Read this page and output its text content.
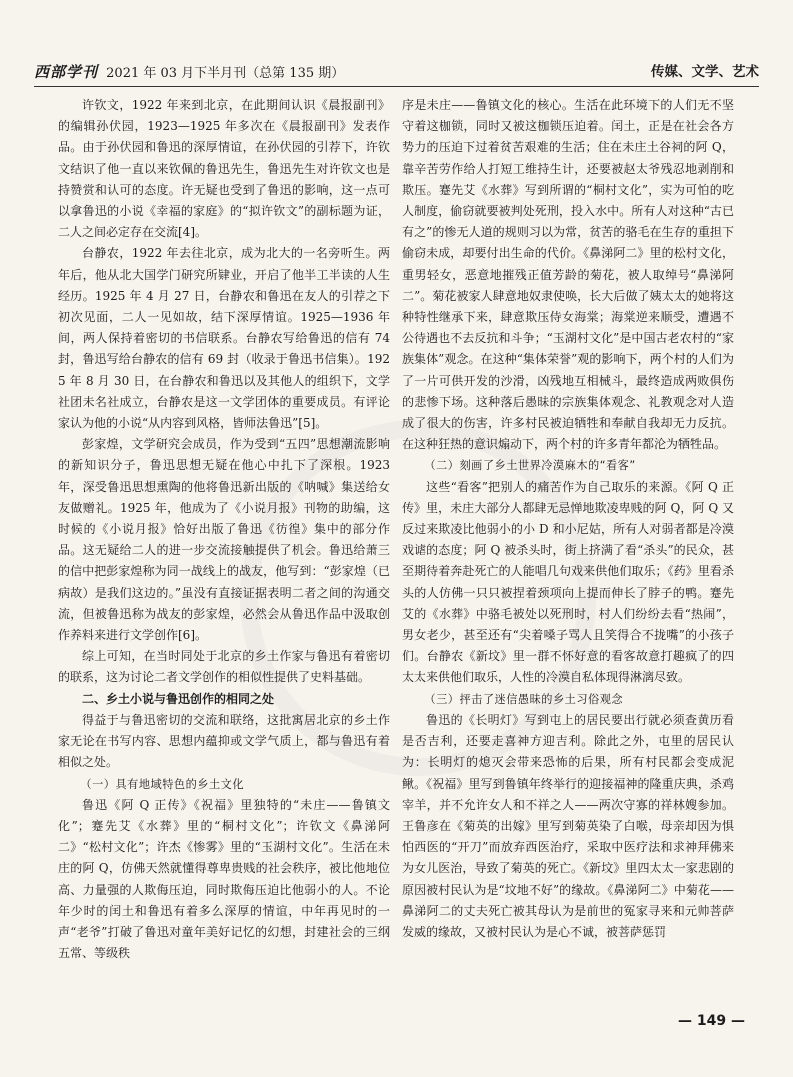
西部学刊 2021 年 03 月下半月刊（总第 135 期）	传媒、文学、艺术

许钦文，1922 年来到北京，在此期间认识《晨报副刊》的编辑孙伏园，1923—1925 年多次在《晨报副刊》发表作品。由于孙伏园和鲁迅的深厚情谊，在孙伏园的引荐下，许钦文结识了他一直以来钦佩的鲁迅先生，鲁迅先生对许钦文也是持赞赏和认可的态度。许无疑也受到了鲁迅的影响，这一点可以拿鲁迅的小说《幸福的家庭》的“拟许钦文”的副标题为证，二人之间必定存在交流[4]。

台静农，1922 年去往北京，成为北大的一名旁听生。两年后，他从北大国学门研究所肄业，开启了他半工半读的人生经历。1925 年 4 月 27 日，台静农和鲁迅在友人的引荐之下初次见面，二人一见如故，结下深厚情谊。1925—1936 年间，两人保持着密切的书信联系。台静农写给鲁迅的信有 74 封，鲁迅写给台静农的信有 69 封（收录于鲁迅书信集）。1925 年 8 月 30 日，在台静农和鲁迅以及其他人的组织下，文学社团未名社成立，台静农是这一文学团体的重要成员。有评论家认为他的小说“从内容到风格，皆师法鲁迅”[5]。

彭家煌，文学研究会成员，作为受到“五四”思想潮流影响的新知识分子，鲁迅思想无疑在他心中扎下了深根。1923 年，深受鲁迅思想熏陶的他将鲁迅新出版的《呐喊》集送给女友做赠礼。1925 年，他成为了《小说月报》刊物的助编，这时候的《小说月报》恰好出版了鲁迅《彷徨》集中的部分作品。这无疑给二人的进一步交流接触提供了机会。鲁迅给萧三的信中把彭家煌称为同一战线上的战友，他写到：“彭家煌（已病故）是我们这边的。”虽没有直接证据表明二者之间的沟通交流，但被鲁迅称为战友的彭家煌，必然会从鲁迅作品中汲取创作养料来进行文学创作[6]。

综上可知，在当时同处于北京的乡土作家与鲁迅有着密切的联系，这为讨论二者文学创作的相似性提供了史料基础。

二、乡土小说与鲁迅创作的相同之处

得益于与鲁迅密切的交流和联络，这批寓居北京的乡土作家无论在书写内容、思想内蕴抑或文学气质上，都与鲁迅有着相似之处。

（一）具有地域特色的乡土文化

鲁迅《阿 Q 正传》《祝福》里独特的“未庄——鲁镇文化”；蹇先艾《水葬》里的“桐村文化”；许钦文《鼻涕阿二》“松村文化”；许杰《惨雾》里的“玉湖村文化”。生活在未庄的阿 Q，仿佛天然就懂得尊卑贵贱的社会秩序，被比他地位高、力量强的人欺侮压迫，同时欺侮压迫比他弱小的人。不论年少时的闰土和鲁迅有着多么深厚的情谊，中年再见时的一声“老爷”打破了鲁迅对童年美好记忆的幻想，封建社会的三纲五常、等级秩

序是未庄——鲁镇文化的核心。生活在此环境下的人们无不坚守着这枷锁，同时又被这枷锁压迫着。闰土，正是在社会各方势力的压迫下过着贫苦艰难的生活；住在未庄土谷祠的阿 Q，靠辛苦劳作给人打短工维持生计，还要被赵太爷残忍地剥削和欺压。蹇先艾《水葬》写到所谓的“桐村文化”，实为可怕的吃人制度，偷窃就要被判处死刑，投入水中。所有人对这种“古已有之”的惨无人道的规则习以为常，贫苦的骆毛在生存的重担下偷窃未成，却要付出生命的代价。《鼻涕阿二》里的松村文化，重男轻女，恶意地摧残正值芳龄的菊花，被人取绰号“鼻涕阿二”。菊花被家人肆意地奴隶使唤，长大后做了姨太太的她将这种特性继承下来，肆意欺压侍女海棠；海棠逆来顺受，遭遇不公待遇也不去反抗和斗争；“玉湖村文化”是中国古老农村的“家族集体”观念。在这种“集体荣誉”观的影响下，两个村的人们为了一片可供开发的沙滑，凶残地互相械斗，最终造成两败俱伤的悲惨下场。这种落后愚昧的宗族集体观念、礼教观念对人造成了很大的伤害，许多村民被迫牺牲和奉献自我却无力反抗。在这种狂热的意识煽动下，两个村的许多青年都沦为牺牲品。

（二）刻画了乡土世界冷漠麻木的“看客”

这些“看客”把别人的痛苦作为自己取乐的来源。《阿 Q 正传》里，未庄大部分人都肆无忌惮地欺凌卑贱的阿 Q，阿 Q 又反过来欺凌比他弱小的小 D 和小尼姑，所有人对弱者都是冷漠戏谑的态度；阿 Q 被杀头时，街上挤满了看“杀头”的民众，甚至期待着奔赴死亡的人能唱几句戏来供他们取乐；《药》里看杀头的人仿佛一只只被捏着颈项向上提而伸长了脖子的鸭。蹇先艾的《水葬》中骆毛被处以死刑时，村人们纷纷去看“热闹”，男女老少，甚至还有“尖着嗓子骂人且笑得合不拢嘴”的小孩子们。台静农《新坟》里一群不怀好意的看客故意打趣疯了的四太太来供他们取乐，人性的冷漠自私体现得淋漓尽致。

（三）抨击了迷信愚昧的乡土习俗观念

鲁迅的《长明灯》写到屯上的居民要出行就必须查黄历看是否吉利，还要走喜神方迎吉利。除此之外，屯里的居民认为：长明灯的熄灭会带来恐怖的后果，所有村民都会变成泥鳅。《祝福》里写到鲁镇年终举行的迎接福神的隆重庆典，杀鸡宰羊，并不允许女人和不祥之人——两次守寡的祥林嫂参加。王鲁彦在《菊英的出嫁》里写到菊英染了白喉，母亲却因为惧怕西医的“开刀”而放弃西医治疗，采取中医疗法和求神拜佛来为女儿医治，导致了菊英的死亡。《新坟》里四太太一家悲剧的原因被村民认为是“坟地不好”的缘故。《鼻涕阿二》中菊花——鼻涕阿二的丈夫死亡被其母认为是前世的冤家寻来和元帅菩萨发威的缘故，又被村民认为是心不诚，被菩萨惩罚

— 149 —
